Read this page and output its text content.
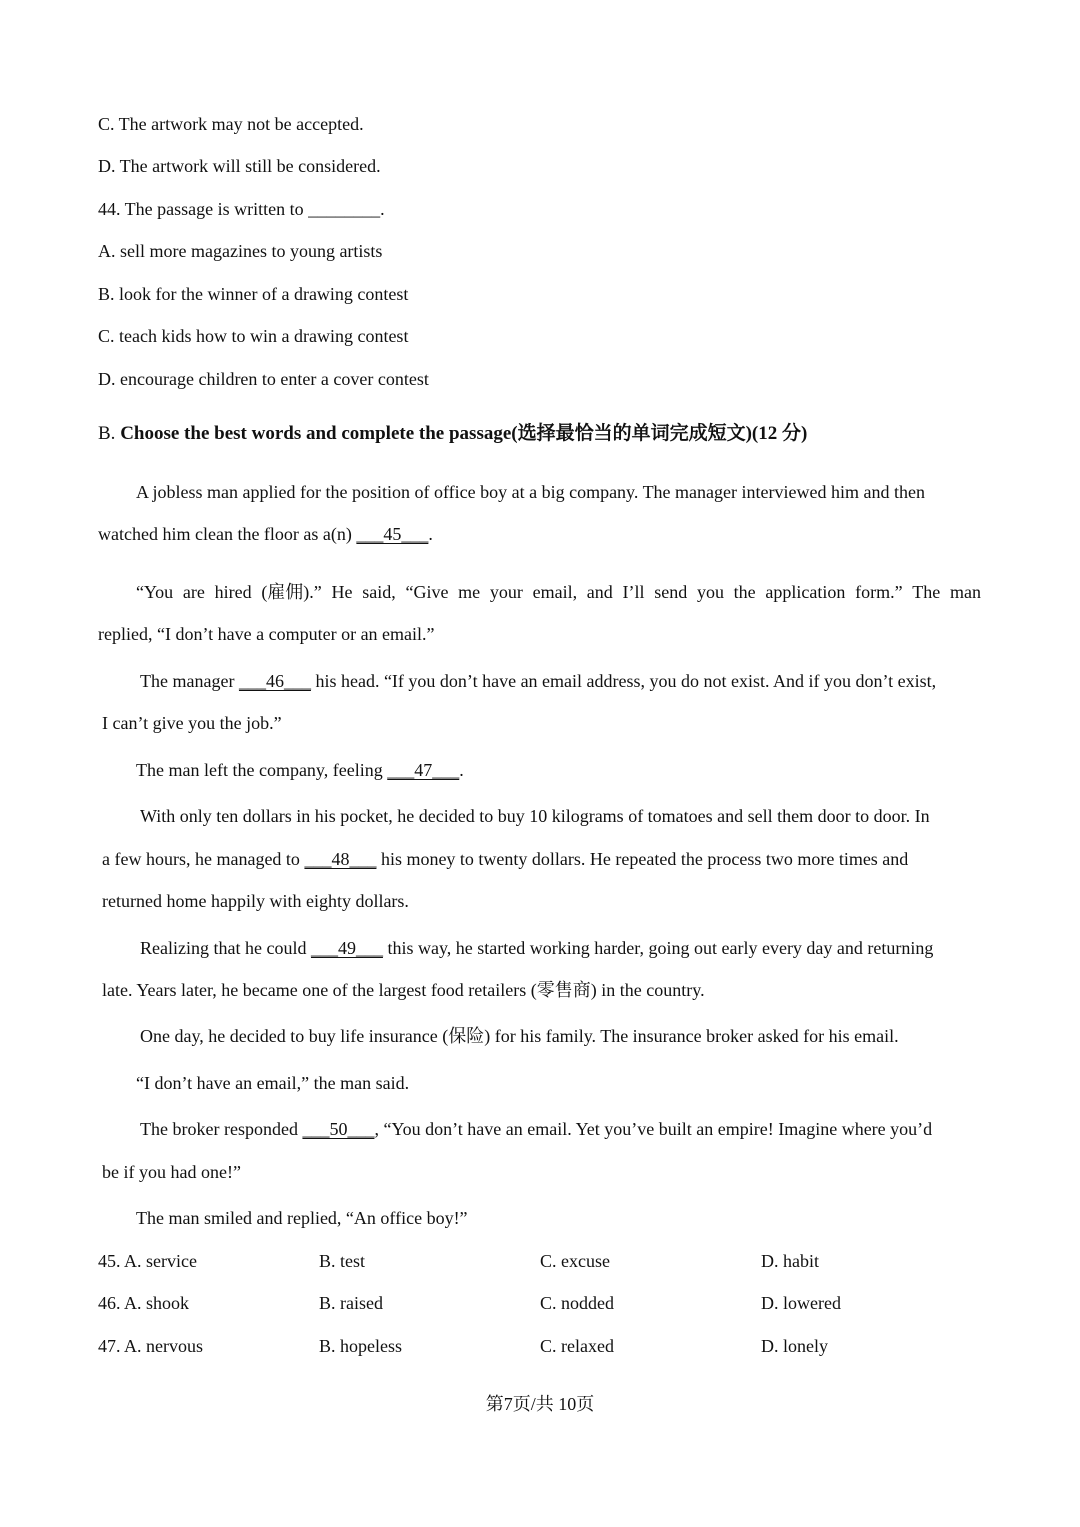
C. The artwork may not be accepted.
D. The artwork will still be considered.
44. The passage is written to ________.
A. sell more magazines to young artists
B. look for the winner of a drawing contest
C. teach kids how to win a drawing contest
D. encourage children to enter a cover contest
B. Choose the best words and complete the passage(选择最恰当的单词完成短文)(12 分)
A jobless man applied for the position of office boy at a big company. The manager interviewed him and then
watched him clean the floor as a(n) ___45___.
“You are hired (雇佣).” He said, “Give me your email, and I’ll send you the application form.” The man
replied, “I don’t have a computer or an email.”
The manager ___46___ his head. “If you don’t have an email address, you do not exist. And if you don’t exist,
I can’t give you the job.”
The man left the company, feeling ___47___.
With only ten dollars in his pocket, he decided to buy 10 kilograms of tomatoes and sell them door to door. In
a few hours, he managed to ___48___ his money to twenty dollars. He repeated the process two more times and
returned home happily with eighty dollars.
Realizing that he could ___49___ this way, he started working harder, going out early every day and returning
late. Years later, he became one of the largest food retailers (零售商) in the country.
One day, he decided to buy life insurance (保险) for his family. The insurance broker asked for his email.
“I don’t have an email,” the man said.
The broker responded ___50___, “You don’t have an email. Yet you’ve built an empire! Imagine where you’d
be if you had one!”
The man smiled and replied, “An office boy!”
45. A. service	B. test	C. excuse	D. habit
46. A. shook	B. raised	C. nodded	D. lowered
47. A. nervous	B. hopeless	C. relaxed	D. lonely
第7页/共 10页
